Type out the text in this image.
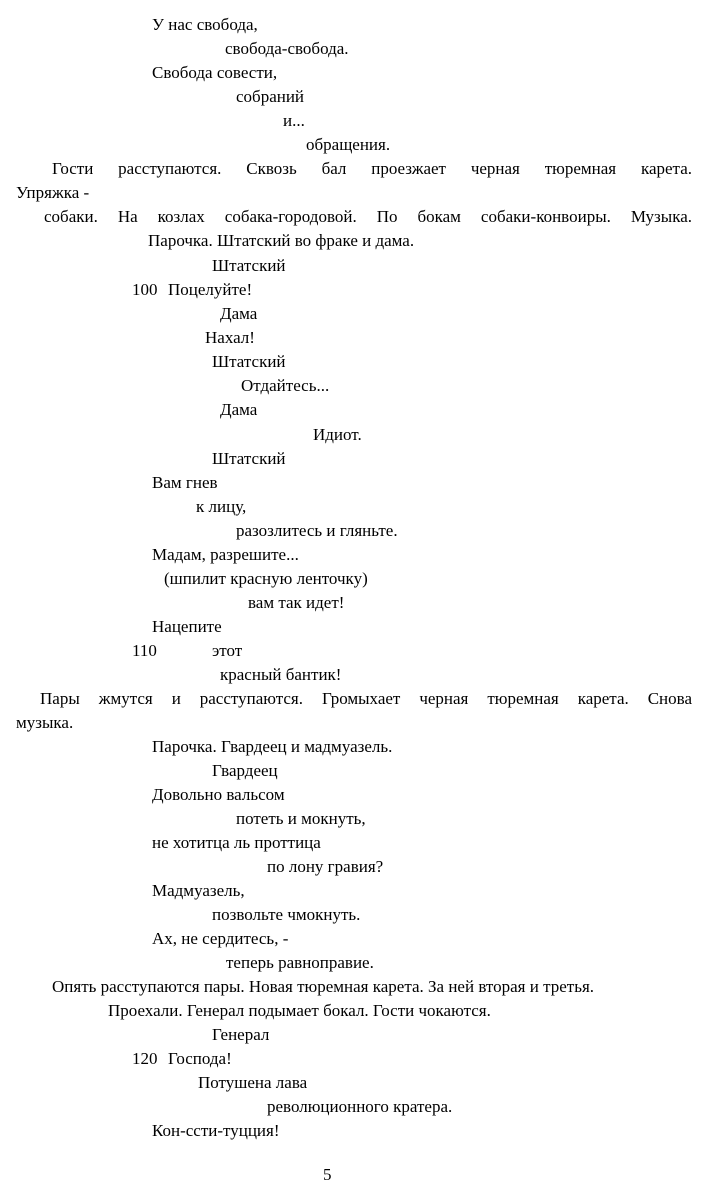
У нас свобода,
свобода-свобода.
Свобода совести,
собраний
и...
обращения.
Гости расступаются. Сквозь бал проезжает черная тюремная карета.
Упряжка -
собаки. На козлах собака-городовой. По бокам собаки-конвоиры. Музыка.
Парочка. Штатский во фраке и дама.
Штатский
100 Поцелуйте!
Дама
Нахал!
Штатский
Отдайтесь...
Дама
Идиот.
Штатский
Вам гнев
к лицу,
разозлитесь и гляньте.
Мадам, разрешите...
(шпилит красную ленточку)
вам так идет!
Нацепите
110	этот
красный бантик!
Пары жмутся и расступаются. Громыхает черная тюремная карета. Снова
музыка.
Парочка. Гвардеец и мадмуазель.
Гвардеец
Довольно вальсом
потеть и мокнуть,
не хотитца ль проттица
по лону гравия?
Мадмуазель,
позвольте чмокнуть.
Ах, не сердитесь, -
теперь равноправие.
Опять расступаются пары. Новая тюремная карета. За ней вторая и третья.
Проехали. Генерал подымает бокал. Гости чокаются.
Генерал
120 Господа!
Потушена лава
революционного кратера.
Кон-ссти-туцция!
5
